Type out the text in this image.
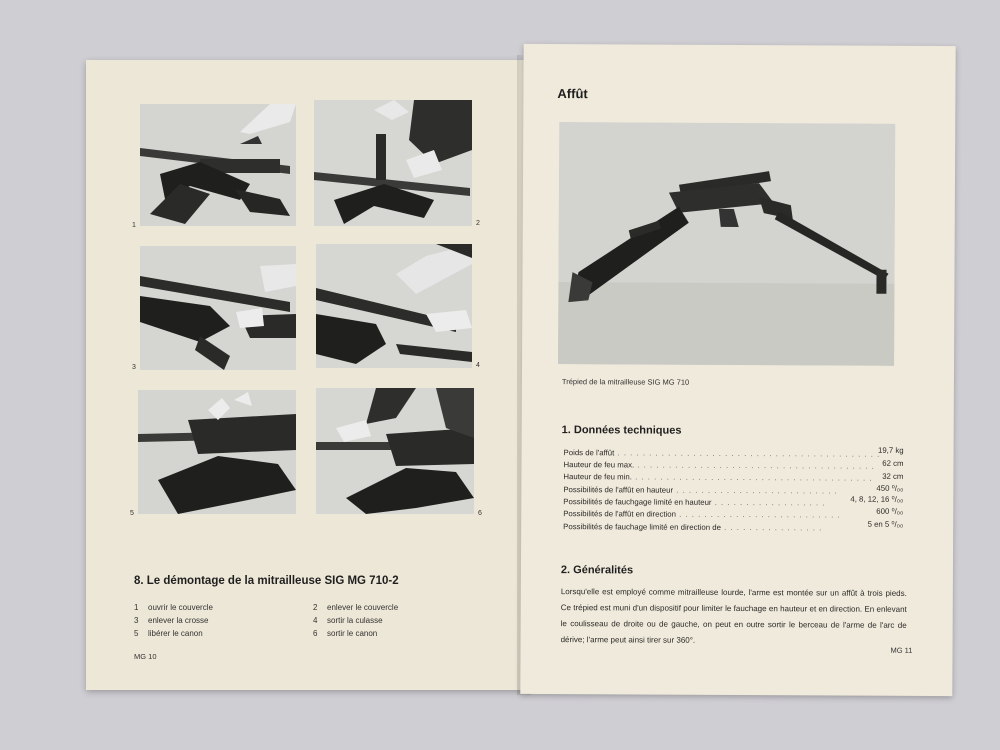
1	2
3	4
5	6
8. Le démontage de la mitrailleuse SIG MG 710-2
1 ouvrir le couvercle
3 enlever la crosse
5 libérer le canon
2 enlever le couvercle
4 sortir la culasse
6 sortir le canon
MG 10
Affût
Trépied de la mitrailleuse SIG MG 710
1. Données techniques
Poids de l'affût . . . . . . . . . . . . . . . . . . . . . . . . . . . . . . . . . . . . . . . . . .
19,7 kg
Hauteur de feu max. . . . . . . . . . . . . . . . . . . . . . . . . . . . . . . . . . . . . . . 62 cm
Hauteur de feu min. . . . . . . . . . . . . . . . . . . . . . . . . . . . . . . . . . . . . . . 32 cm
Possibilités de l'affût en hauteur . . . . . . . . . . . . . . . . . . . . . . . . . .	450 ⁰/₀₀
Possibilités de fauchgage limité en hauteur . . . . . . . . . . . . . . . . . .	4, 8, 12, 16 ⁰/₀₀
Possibilités de l'affût en direction . . . . . . . . . . . . . . . . . . . . . . . . . .	600 ⁰/₀₀
Possibilités de fauchage limité en direction de . . . . . . . . . . . . . . . .	5 en 5 ⁰/₀₀
2. Généralités
Lorsqu'elle est employé comme mitrailleuse lourde, l'arme est montée sur un affût à trois pieds. Ce trépied est muni d'un dispositif pour limiter le fauchage en hauteur et en direction. En enlevant le coulisseau de droite ou de gauche, on peut en outre sortir le berceau de l'arme de l'arc de dérive; l'arme peut ainsi tirer sur 360°.
MG 11
